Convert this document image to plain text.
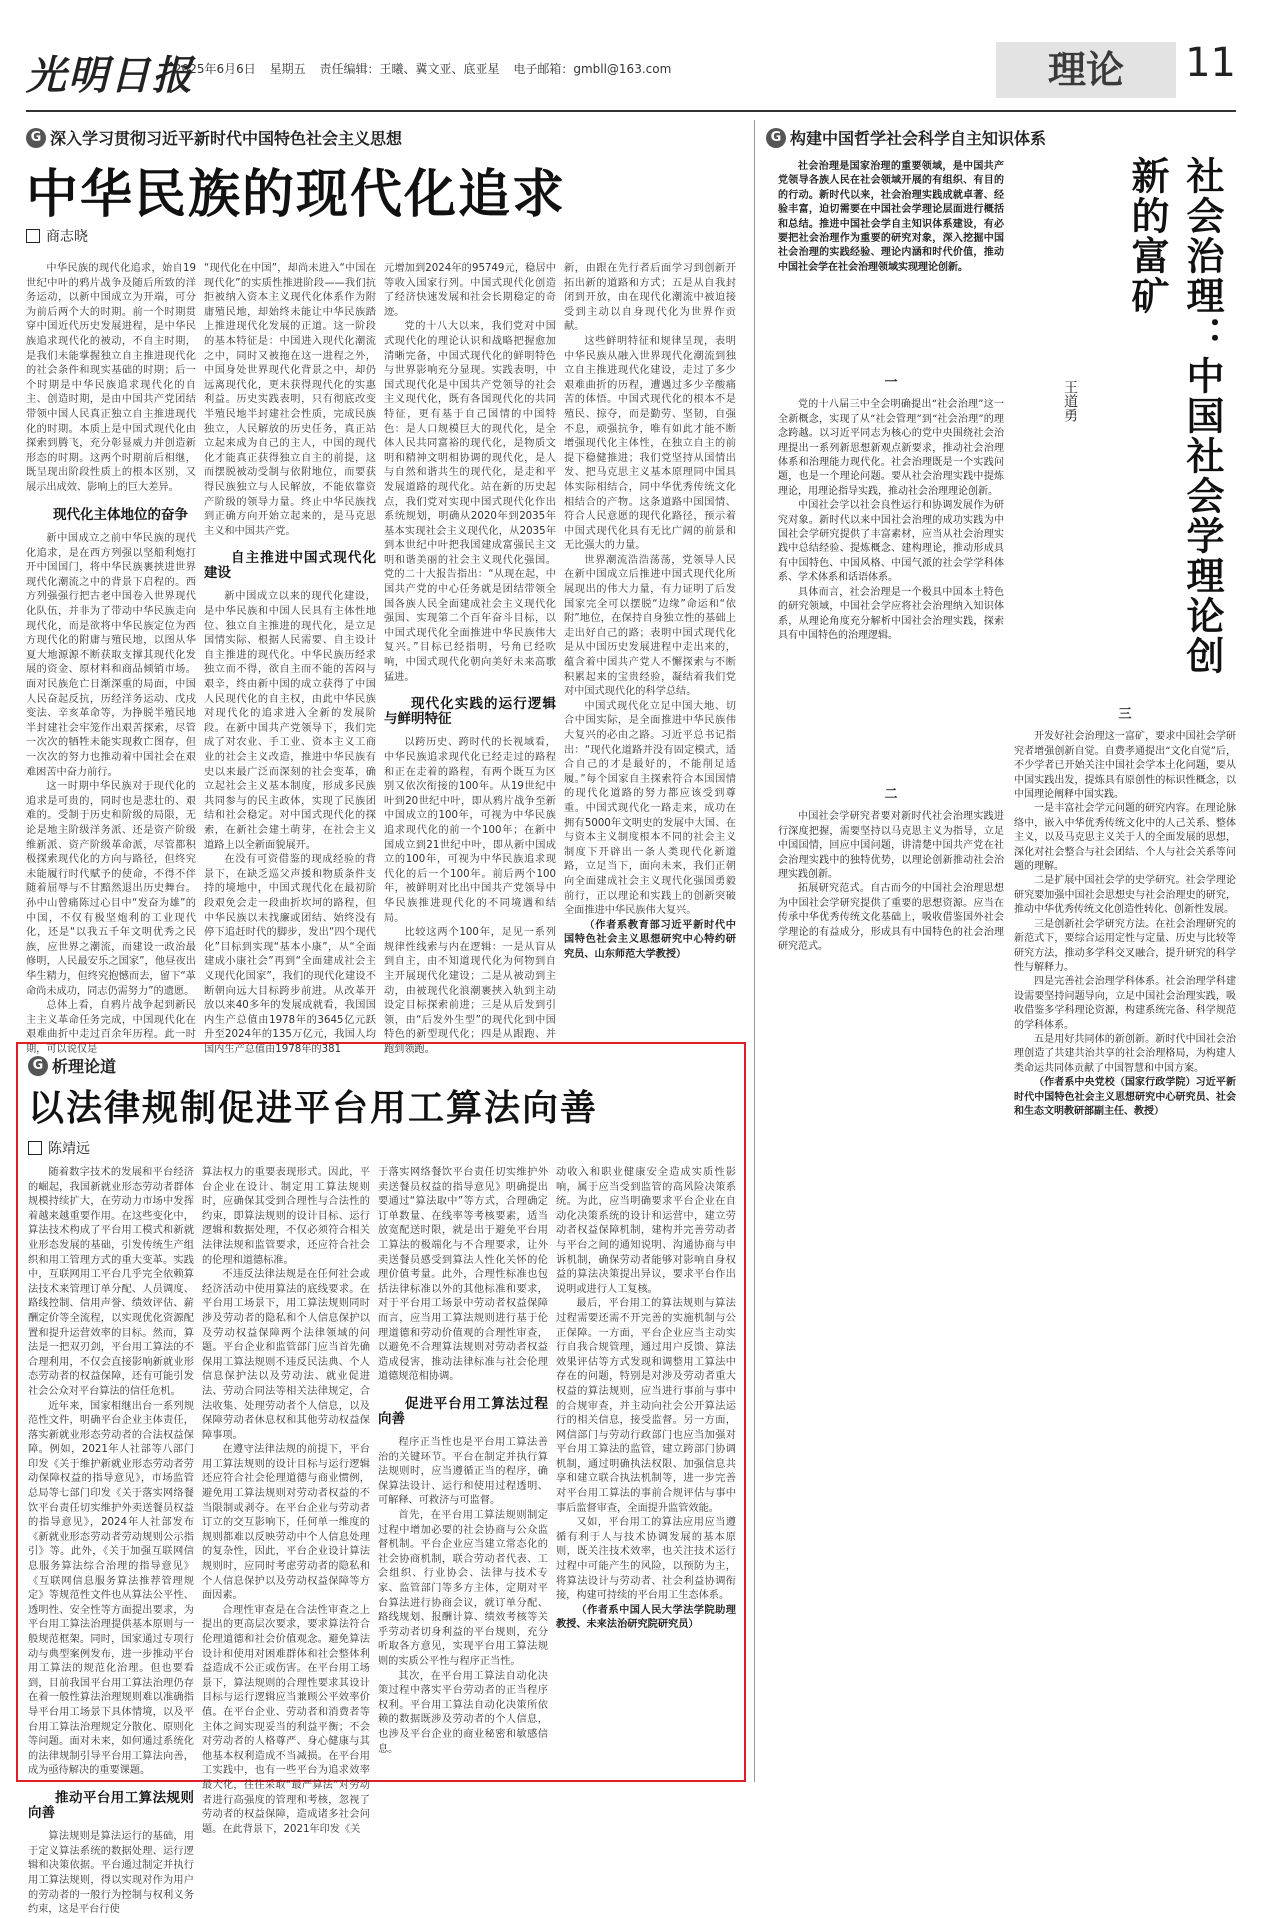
光明日报
2025年6月6日 星期五 责任编辑：王曦、冀文亚、底亚星 电子邮箱：gmbll@163.com	理论	11
G 深入学习贯彻习近平新时代中国特色社会主义思想
中华民族的现代化追求
商志晓

中华民族的现代化追求，始自19世纪中叶的鸦片战争及随后所致的洋务运动，以新中国成立为开端，可分为前后两个大的时期。前一个时期贯穿中国近代历史发展进程，是中华民族追求现代化的被动，不自主时期，是我们未能掌握独立自主推进现代化的社会条件和现实基础的时期；后一个时期是中华民族追求现代化的自主、创造时期，是由中国共产党团结带领中国人民真正独立自主推进现代化的时期。本质上是中国式现代化由探索到腾飞，充分彰显威力并创造新形态的时期。这两个时期前后相继，既呈现出阶段性质上的根本区别，又展示出成效、影响上的巨大差异。

现代化主体地位的奋争

新中国成立之前中华民族的现代化追求，是在西方列强以坚船利炮打开中国国门，将中华民族裹挟进世界现代化潮流之中的背景下启程的。西方列强强行把古老中国卷入世界现代化队伍，并非为了带动中华民族走向现代化，而是欲将中华民族定位为西方现代化的附庸与殖民地，以图从华夏大地源源不断获取支撑其现代化发展的资金、原材料和商品倾销市场。面对民族危亡日渐深重的局面，中国人民奋起反抗，历经洋务运动、戊戌变法、辛亥革命等，为挣脱半殖民地半封建社会牢笼作出艰苦探索，尽管一次次的牺牲未能实现救亡图存，但一次次的努力也推动着中国社会在艰难困苦中奋力前行。

这一时期中华民族对于现代化的追求是可贵的，同时也是悲壮的、艰难的。受制于历史和阶级的局限，无论是地主阶级洋务派、还是资产阶级维新派、资产阶级革命派，尽管都积极探索现代化的方向与路径，但终究未能履行时代赋予的使命，不得不伴随着屈辱与不甘黯然退出历史舞台。孙中山曾痛陈过心目中“发奋为雄”的中国，不仅有极坚炮利的工业现代化，还是“以我五千年文明优秀之民族，应世界之潮流，而建设一政治最修明，人民最安乐之国家”，他昼夜出华生精力，但终究抱憾而去，留下“革命尚未成功，同志仍需努力”的遗愿。

总体上看，自鸦片战争起到新民主主义革命任务完成，中国现代化在艰难曲折中走过百余年历程。此一时期，可以说仅是

“现代化在中国”，却尚未进入“中国在现代化”的实质性推进阶段——我们抗拒被纳入资本主义现代化体系作为附庸殖民地，却始终未能让中华民族踏上推进现代化发展的正道。这一阶段的基本特征是：中国进入现代化潮流之中，同时又被拖在这一进程之外，中国身处世界现代化背景之中，却仍远离现代化，更未获得现代化的实惠利益。历史实践表明，只有彻底改变半殖民地半封建社会性质，完成民族独立，人民解放的历史任务，真正站立起来成为自己的主人，中国的现代化才能真正获得独立自主的前提，这而摆脱被动受制与依附地位，而要获得民族独立与人民解放，不能依靠资产阶级的领导力量。终止中华民族找到正确方向开始立起来的，是马克思主义和中国共产党。

自主推进中国式现代化建设

新中国成立以来的现代化建设，是中华民族和中国人民具有主体性地位、独立自主推进的现代化，是立足国情实际、根据人民需要、自主设计自主推进的现代化。中华民族历经求独立而不得，欲自主而不能的苦闷与艰辛，终由新中国的成立获得了中国人民现代化的自主权，由此中华民族对现代化的追求进入全新的发展阶段。在新中国共产党领导下，我们完成了对农业、手工业、资本主义工商业的社会主义改造，推进中华民族有史以来最广泛而深刻的社会变革，确立起社会主义基本制度，形成多民族共同参与的民主政体，实现了民族团结和社会稳定。对中国式现代化的探索，在新社会建土萌芽，在社会主义道路上以全新面貌展开。

在没有可资借鉴的现成经验的背景下，在缺乏巡父声援和物质条件支持的境地中，中国式现代化在最初阶段艰免会走一段曲折坎坷的路程，但中华民族以未找廉或团结、始终没有停下追赶时代的脚步，发出“四个现代化”目标到实现“基本小康”，从“全面建成小康社会”再到“全面建成社会主义现代化国家”，我们的现代化建设不断朝向远大目标跨步前进。从改革开放以来40多年的发展成就看，我国国内生产总值由1978年的3645亿元跃升至2024年的135万亿元，我国人均国内生产总值由1978年的381

元增加到2024年的95749元，稳居中等收入国家行列。中国式现代化创造了经济快速发展和社会长期稳定的奇迹。

党的十八大以来，我们党对中国式现代化的理论认识和战略把握愈加清晰完备，中国式现代化的鲜明特色与世界影响充分显现。实践表明，中国式现代化是中国共产党领导的社会主义现代化，既有各国现代化的共同特征，更有基于自己国情的中国特色：是人口规模巨大的现代化，是全体人民共同富裕的现代化，是物质文明和精神文明相协调的现代化，是人与自然和谐共生的现代化，是走和平发展道路的现代化。站在新的历史起点，我们党对实现中国式现代化作出系统规划，明确从2020年到2035年基本实现社会主义现代化，从2035年到本世纪中叶把我国建成富强民主文明和谐美丽的社会主义现代化强国。党的二十大报告指出：“从现在起，中国共产党的中心任务就是团结带领全国各族人民全面建成社会主义现代化强国、实现第二个百年奋斗目标，以中国式现代化全面推进中华民族伟大复兴。”目标已经指明，号角已经吹响，中国式现代化朝向美好未来高歌猛进。

现代化实践的运行逻辑与鲜明特征

以跨历史、跨时代的长视域看，中华民族追求现代化已经走过的路程和正在走着的路程，有两个既互为区别又依次衔接的100年。从19世纪中叶到20世纪中叶，即从鸦片战争至新中国成立的100年，可视为中华民族追求现代化的前一个100年；在新中国成立到21世纪中叶，即从新中国成立的100年，可视为中华民族追求现代化的后一个100年。前后两个100年，被鲜明对比出中国共产党领导中华民族推进现代化的不同境遇和结局。

比较这两个100年，足见一系列规律性线索与内在逻辑：一是从盲从到自主，由不知道现代化为何物到自主开展现代化建设；二是从被动到主动，由被现代化浪潮裹挟入轨到主动设定目标探索前进；三是从后发到引领，由“后发外生型”的现代化到中国特色的新型现代化；四是从跟跑、并跑到领跑。

新，由跟在先行者后面学习到创新开拓出新的道路和方式；五是从自我封闭到开放，由在现代化潮流中被迫接受到主动以自身现代化为世界作贡献。

这些鲜明特征和规律呈现，表明中华民族从融入世界现代化潮流到独立自主推进现代化建设，走过了多少艰难曲折的历程，遭遇过多少辛酸痛苦的体悟。中国式现代化的根本不是殖民、掠夺，而是勤劳、坚韧，自强不息，顽强抗争，唯有如此才能不断增强现代化主体性，在独立自主的前提下稳健推进；我们党坚持从国情出发、把马克思主义基本原理同中国具体实际相结合，同中华优秀传统文化相结合的产物。这条道路中国国情、符合人民意愿的现代化路径，预示着中国式现代化具有无比广阔的前景和无比强大的力量。

世界潮流浩浩荡荡，党领导人民在新中国成立后推进中国式现代化所展现出的伟大力量，有力证明了后发国家完全可以摆脱“边缘”命运和“依附”地位，在保持自身独立性的基础上走出好自己的路；表明中国式现代化是从中国历史发展进程中走出来的，蕴含着中国共产党人不懈探索与不断积累起来的宝贵经验，凝结着我们党对中国式现代化的科学总结。

中国式现代化立足中国大地、切合中国实际，是全面推进中华民族伟大复兴的必由之路。习近平总书记指出：“现代化道路并没有固定模式，适合自己的才是最好的，不能削足适履。”每个国家自主探索符合本国国情的现代化道路的努力都应该受到尊重。中国式现代化一路走来，成功在拥有5000年文明史的发展中大国、在与资本主义制度根本不同的社会主义制度下开辟出一条人类现代化新道路，立足当下，面向未来，我们正朝向全面建成社会主义现代化强国勇毅前行，正以理论和实践上的创新突破全面推进中华民族伟大复兴。

（作者系教育部习近平新时代中国特色社会主义思想研究中心特约研究员、山东师范大学教授）

G 析理论道
以法律规制促进平台用工算法向善
陈靖远

随着数字技术的发展和平台经济的崛起，我国新就业形态劳动者群体规模持续扩大，在劳动力市场中发挥着越来越重要作用。在这些变化中，算法技术构成了平台用工模式和新就业形态发展的基础，引发传统生产组织和用工管理方式的重大变革。实践中，互联网用工平台几乎完全依赖算法技术来管理订单分配、人员调度、路线控制、信用声誉、绩效评估、薪酬定价等全流程，以实现优化资源配置和提升运营效率的目标。然而，算法是一把双刃剑，平台用工算法的不合理利用，不仅会直接影响新就业形态劳动者的权益保障，还有可能引发社会公众对平台算法的信任危机。

近年来，国家相继出台一系列规范性文件，明确平台企业主体责任，落实新就业形态劳动者的合法权益保障。例如，2021年人社部等八部门印发《关于维护新就业形态劳动者劳动保障权益的指导意见》，市场监管总局等七部门印发《关于落实网络餐饮平台责任切实维护外卖送餐员权益的指导意见》，2024年人社部发布《新就业形态劳动者劳动规则公示指引》等。此外，《关于加强互联网信息服务算法综合治理的指导意见》《互联网信息服务算法推荐管理规定》等规范性文件也从算法公平性、透明性、安全性等方面提出要求，为平台用工算法治理提供基本原则与一般规范框架。同时，国家通过专项行动与典型案例发布，进一步推动平台用工算法的规范化治理。但也要看到，目前我国平台用工算法治理仍存在着一般性算法治理规则难以准确指导平台用工场景下具体情境，以及平台用工算法治理规定分散化、原则化等问题。面对未来，如何通过系统化的法律规制引导平台用工算法向善，成为亟待解决的重要课题。

推动平台用工算法规则向善

算法规则是算法运行的基础，用于定义算法系统的数据处理、运行逻辑和决策依据。平台通过制定并执行用工算法规则，得以实现对作为用户的劳动者的一般行为控制与权利义务约束，这是平台行使

算法权力的重要表现形式。因此，平台企业在设计、制定用工算法规则时，应确保其受到合理性与合法性的约束，即算法规则的设计目标、运行逻辑和数据处理，不仅必须符合相关法律法规和监管要求，还应符合社会的伦理和道德标准。

不违反法律法规是在任何社会或经济活动中使用算法的底线要求。在平台用工场景下，用工算法规则同时涉及劳动者的隐私和个人信息保护以及劳动权益保障两个法律领域的问题。平台企业和监管部门应当首先确保用工算法规则不违反民法典、个人信息保护法以及劳动法、就业促进法、劳动合同法等相关法律规定，合法收集、处理劳动者个人信息，以及保障劳动者休息权和其他劳动权益保障事项。

在遵守法律法规的前提下，平台用工算法规则的设计目标与运行逻辑还应符合社会伦理道德与商业惯例，避免用工算法规则对劳动者权益的不当限制或剥夺。在平台企业与劳动者订立的交互影响下，任何单一维度的规则都难以反映劳动中个人信息处理的复杂性，因此，平台企业设计算法规则时，应同时考虑劳动者的隐私和个人信息保护以及劳动权益保障等方面因素。

合理性审查是在合法性审查之上提出的更高层次要求，要求算法符合伦理道德和社会价值观念。避免算法设计和使用对困难群体和社会整体利益造成不公正或伤害。在平台用工场景下，算法规则的合理性要求其设计目标与运行逻辑应当兼顾公平效率价值。在平台企业、劳动者和消费者等主体之间实现妥当的利益平衡；不会对劳动者的人格尊严、身心健康与其他基本权利造成不当减损。在平台用工实践中，也有一些平台为追求效率最大化，往往采取“最严算法”对劳动者进行高强度的管理和考核，忽视了劳动者的权益保障，造成诸多社会问题。在此背景下，2021年印发《关

于落实网络餐饮平台责任切实维护外卖送餐员权益的指导意见》明确提出要通过“算法取中”等方式，合理确定订单数量、在线率等考核要素，适当放宽配送时限，就是出于避免平台用工算法的极端化与不合理要求，让外卖送餐员感受到算法人性化关怀的伦理价值考量。此外，合理性标准也包括法律标准以外的其他标准和要求，对于平台用工场景中劳动者权益保障而言，应当用工算法规则进行基于伦理道德和劳动价值观的合理性审查，以避免不合理算法规则对劳动者权益造成侵害，推动法律标准与社会伦理道德规范相协调。

促进平台用工算法过程向善

程序正当性也是平台用工算法善治的关键环节。平台在制定并执行算法规则时，应当遵循正当的程序，确保算法设计、运行和使用过程透明、可解释、可救济与可监督。

首先，在平台用工算法规则制定过程中增加必要的社会协商与公众监督机制。平台企业应当建立常态化的社会协商机制，联合劳动者代表、工会组织、行业协会、法律与技术专家、监管部门等多方主体，定期对平台算法进行协商会议，就订单分配、路线规划、报酬计算、绩效考核等关乎劳动者切身利益的平台规则，充分听取各方意见，实现平台用工算法规则的实质公平性与程序正当性。

其次，在平台用工算法自动化决策过程中落实平台劳动者的正当程序权利。平台用工算法自动化决策所依赖的数据既涉及劳动者的个人信息，也涉及平台企业的商业秘密和敏感信息。

动收入和职业健康安全造成实质性影响，属于应当受到监管的高风险决策系统。为此，应当明确要求平台企业在自动化决策系统的设计和运营中，建立劳动者权益保障机制，建构并完善劳动者与平台之间的通知说明、沟通协商与申诉机制，确保劳动者能够对影响自身权益的算法决策提出异议，要求平台作出说明或进行人工复核。

最后，平台用工的算法规则与算法过程需要还需不开完善的实施机制与公正保障。一方面，平台企业应当主动实行自我合规管理，通过用户反馈、算法效果评估等方式发现和调整用工算法中存在的问题，特别是对涉及劳动者重大权益的算法规则，应当进行事前与事中的合规审查，并主动向社会公开算法运行的相关信息，接受监督。另一方面，网信部门与劳动行政部门也应当加强对平台用工算法的监管，建立跨部门协调机制，通过明确执法权限、加强信息共享和建立联合执法机制等，进一步完善对平台用工算法的事前合规评估与事中事后监督审查，全面提升监管效能。

又如，平台用工的算法应用应当遵循有利于人与技术协调发展的基本原则，既关注技术效率，也关注技术运行过程中可能产生的风险，以预防为主，将算法设计与劳动者、社会利益协调衔接，构建可持续的平台用工生态体系。

（作者系中国人民大学法学院助理教授、未来法治研究院研究员）

G 构建中国哲学社会科学自主知识体系

社会治理是国家治理的重要领域，是中国共产党领导各族人民在社会领域开展的有组织、有目的的行动。新时代以来，社会治理实践成就卓著、经验丰富，迫切需要在中国社会学理论层面进行概括和总结。推进中国社会学自主知识体系建设，有必要把社会治理作为重要的研究对象，深入挖掘中国社会治理的实践经验、理论内涵和时代价值，推动中国社会学在社会治理领域实现理论创新。	社会治理：中国社会学理论创新的富矿
王道勇
一

党的十八届三中全会明确提出“社会治理”这一全新概念，实现了从“社会管理”到“社会治理”的理念跨越。以习近平同志为核心的党中央围绕社会治理提出一系列新思想新观点新要求，推动社会治理体系和治理能力现代化。社会治理既是一个实践问题，也是一个理论问题。要从社会治理实践中提炼理论，用理论指导实践，推动社会治理理论创新。

中国社会学以社会良性运行和协调发展作为研究对象。新时代以来中国社会治理的成功实践为中国社会学研究提供了丰富素材，应当从社会治理实践中总结经验、提炼概念、建构理论，推动形成具有中国特色、中国风格、中国气派的社会学学科体系、学术体系和话语体系。

具体而言，社会治理是一个极具中国本土特色的研究领域，中国社会学应将社会治理纳入知识体系，从理论角度充分解析中国社会治理实践，探索具有中国特色的治理逻辑。

二

中国社会学研究者要对新时代社会治理实践进行深度把握，需要坚持以马克思主义为指导，立足中国国情，回应中国问题，讲清楚中国共产党在社会治理实践中的独特优势，以理论创新推动社会治理实践创新。

拓展研究范式。自古而今的中国社会治理思想为中国社会学研究提供了重要的思想资源。应当在传承中华优秀传统文化基础上，吸收借鉴国外社会学理论的有益成分，形成具有中国特色的社会治理研究范式。

三

开发好社会治理这一富矿，要求中国社会学研究者增强创新自觉。自费孝通提出“文化自觉”后，不少学者已开始关注中国社会学本土化问题，要从中国实践出发，提炼具有原创性的标识性概念，以中国理论阐释中国实践。

一是丰富社会学元问题的研究内容。在理论脉络中，嵌入中华优秀传统文化中的人己关系、整体主义，以及马克思主义关于人的全面发展的思想，深化对社会整合与社会团结、个人与社会关系等问题的理解。

二是扩展中国社会学的史学研究。社会学理论研究要加强中国社会思想史与社会治理史的研究，推动中华优秀传统文化创造性转化、创新性发展。

三是创新社会学研究方法。在社会治理研究的新范式下，要综合运用定性与定量、历史与比较等研究方法，推动多学科交叉融合，提升研究的科学性与解释力。

四是完善社会治理学科体系。社会治理学科建设需要坚持问题导向，立足中国社会治理实践，吸收借鉴多学科理论资源，构建系统完备、科学规范的学科体系。

五是用好共同体的新创新。新时代中国社会治理创造了共建共治共享的社会治理格局，为构建人类命运共同体贡献了中国智慧和中国方案。

（作者系中央党校（国家行政学院）习近平新时代中国特色社会主义思想研究中心研究员、社会和生态文明教研部副主任、教授）
